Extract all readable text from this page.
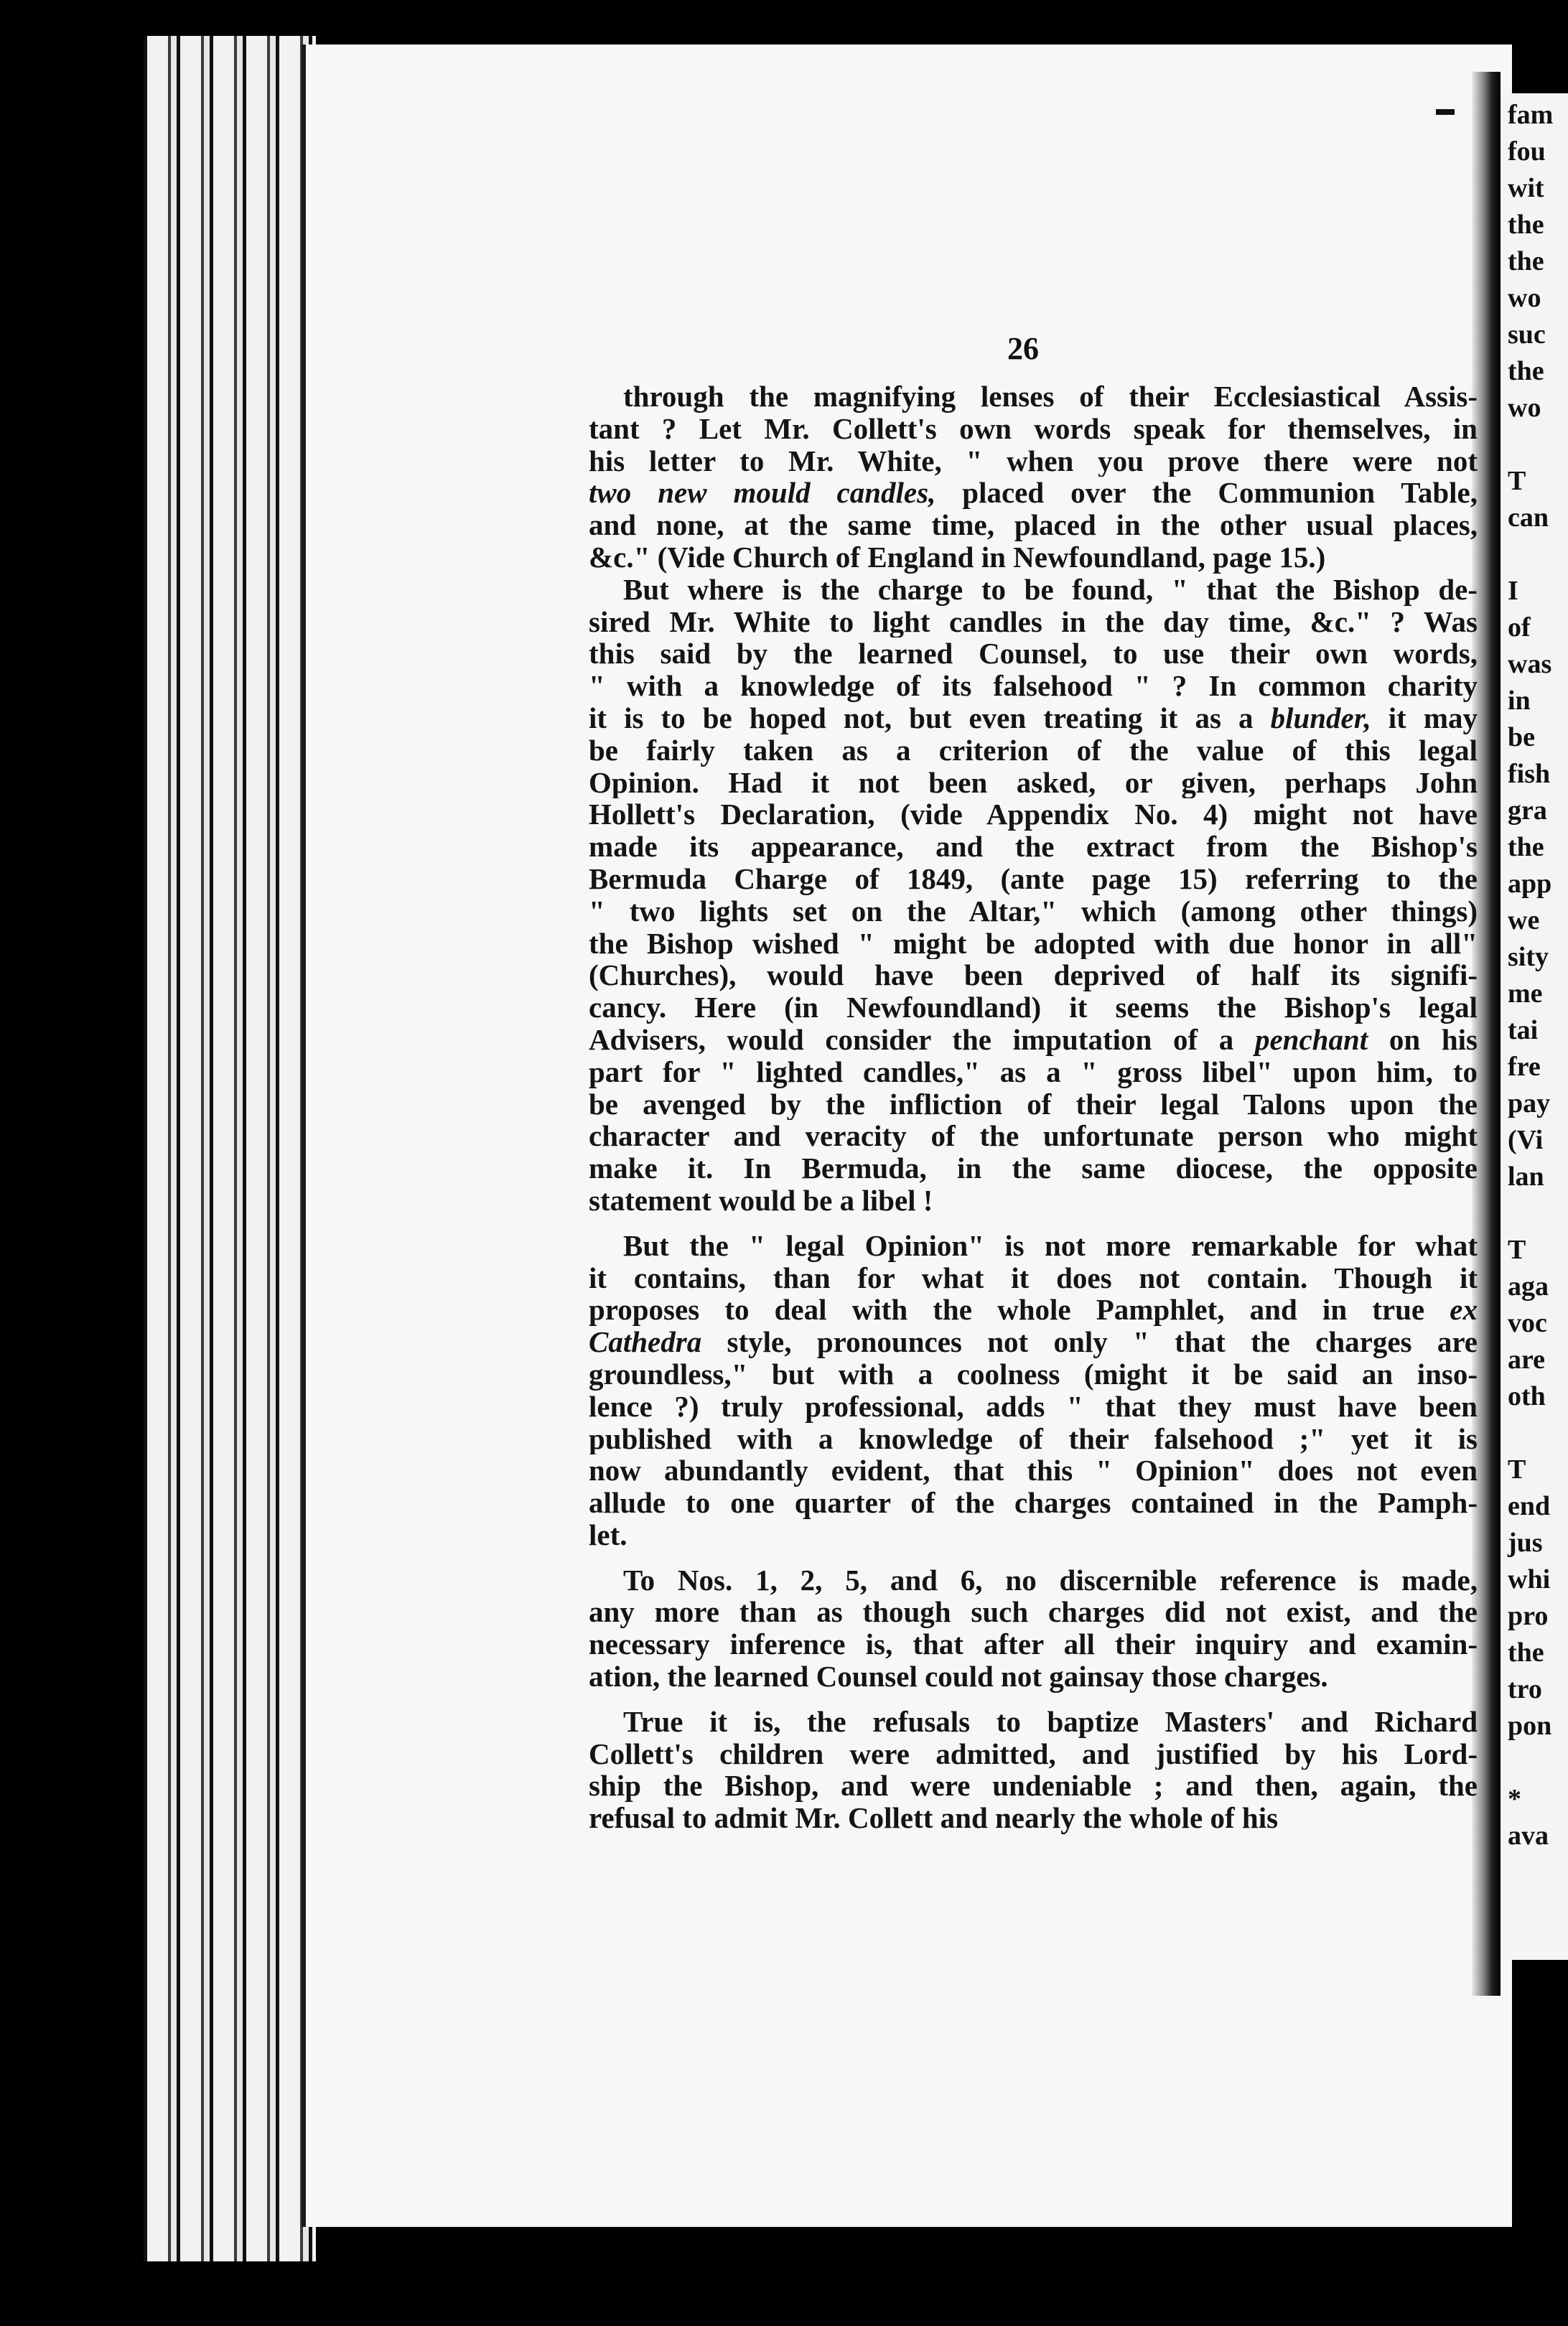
fam
fou
wit
the
the
wo
suc
the
wo
T
can
I
of
was
in
be
fish
gra
the
app
we
sity
me
tai
fre
pay
(Vi
lan
T
aga
voc
are
oth
T
end
jus
whi
pro
the
tro
pon
*
ava
26
through the magnifying lenses of their Ecclesiastical Assis-
tant ? Let Mr. Collett's own words speak for themselves, in
his letter to Mr. White, " when you prove there were not
two new mould candles, placed over the Communion Table,
and none, at the same time, placed in the other usual places,
&c." (Vide Church of England in Newfoundland, page 15.)
But where is the charge to be found, " that the Bishop de-
sired Mr. White to light candles in the day time, &c." ? Was
this said by the learned Counsel, to use their own words,
" with a knowledge of its falsehood " ? In common charity
it is to be hoped not, but even treating it as a blunder, it may
be fairly taken as a criterion of the value of this legal
Opinion. Had it not been asked, or given, perhaps John
Hollett's Declaration, (vide Appendix No. 4) might not have
made its appearance, and the extract from the Bishop's
Bermuda Charge of 1849, (ante page 15) referring to the
" two lights set on the Altar," which (among other things)
the Bishop wished " might be adopted with due honor in all"
(Churches), would have been deprived of half its signifi-
cancy. Here (in Newfoundland) it seems the Bishop's legal
Advisers, would consider the imputation of a penchant on his
part for " lighted candles," as a " gross libel" upon him, to
be avenged by the infliction of their legal Talons upon the
character and veracity of the unfortunate person who might
make it. In Bermuda, in the same diocese, the opposite
statement would be a libel !
But the " legal Opinion" is not more remarkable for what
it contains, than for what it does not contain. Though it
proposes to deal with the whole Pamphlet, and in true ex
Cathedra style, pronounces not only " that the charges are
groundless," but with a coolness (might it be said an inso-
lence ?) truly professional, adds " that they must have been
published with a knowledge of their falsehood ;" yet it is
now abundantly evident, that this " Opinion" does not even
allude to one quarter of the charges contained in the Pamph-
let.
To Nos. 1, 2, 5, and 6, no discernible reference is made,
any more than as though such charges did not exist, and the
necessary inference is, that after all their inquiry and examin-
ation, the learned Counsel could not gainsay those charges.
True it is, the refusals to baptize Masters' and Richard
Collett's children were admitted, and justified by his Lord-
ship the Bishop, and were undeniable ; and then, again, the
refusal to admit Mr. Collett and nearly the whole of his
